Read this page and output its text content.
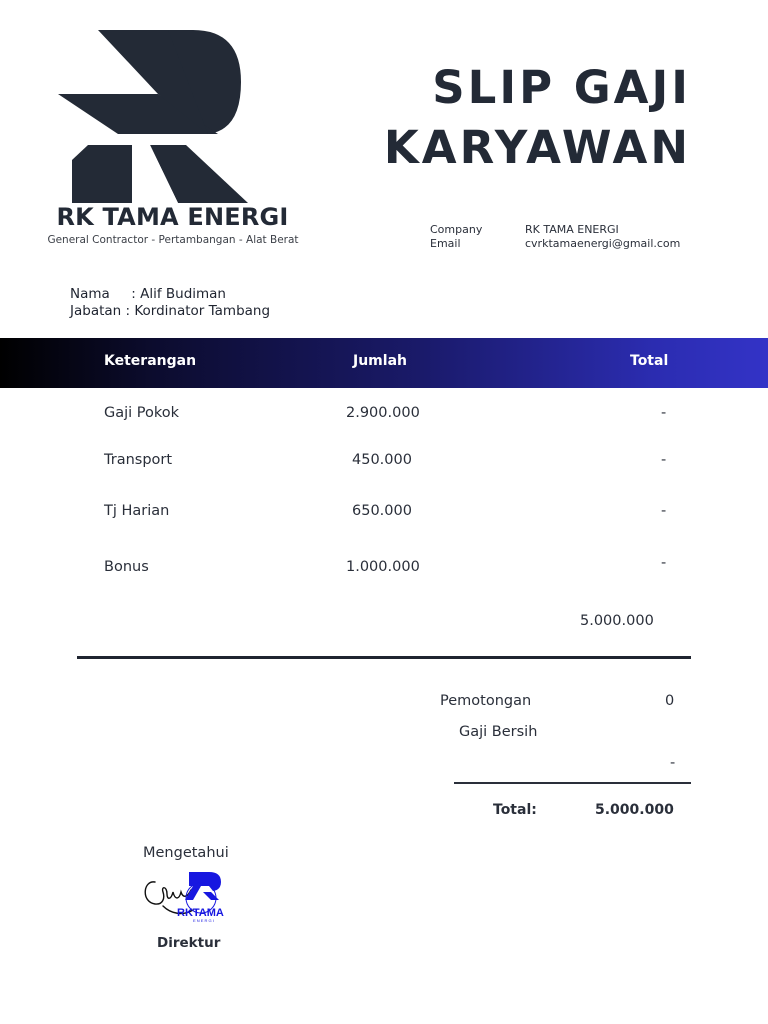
RK TAMA ENERGI
General Contractor - Pertambangan - Alat Berat
SLIP GAJI
KARYAWAN
Company	RK TAMA ENERGI
Email	cvrktamaenergi@gmail.com
Nama     : Alif Budiman
Jabatan : Kordinator Tambang
Keterangan	Jumlah	Total
Gaji Pokok	2.900.000	-
Transport	450.000	-
Tj Harian	650.000	-
Bonus	1.000.000	-
5.000.000
Pemotongan	0
Gaji Bersih
-
Total:	5.000.000
Mengetahui
RKTAMA
E N E R G I
Direktur
